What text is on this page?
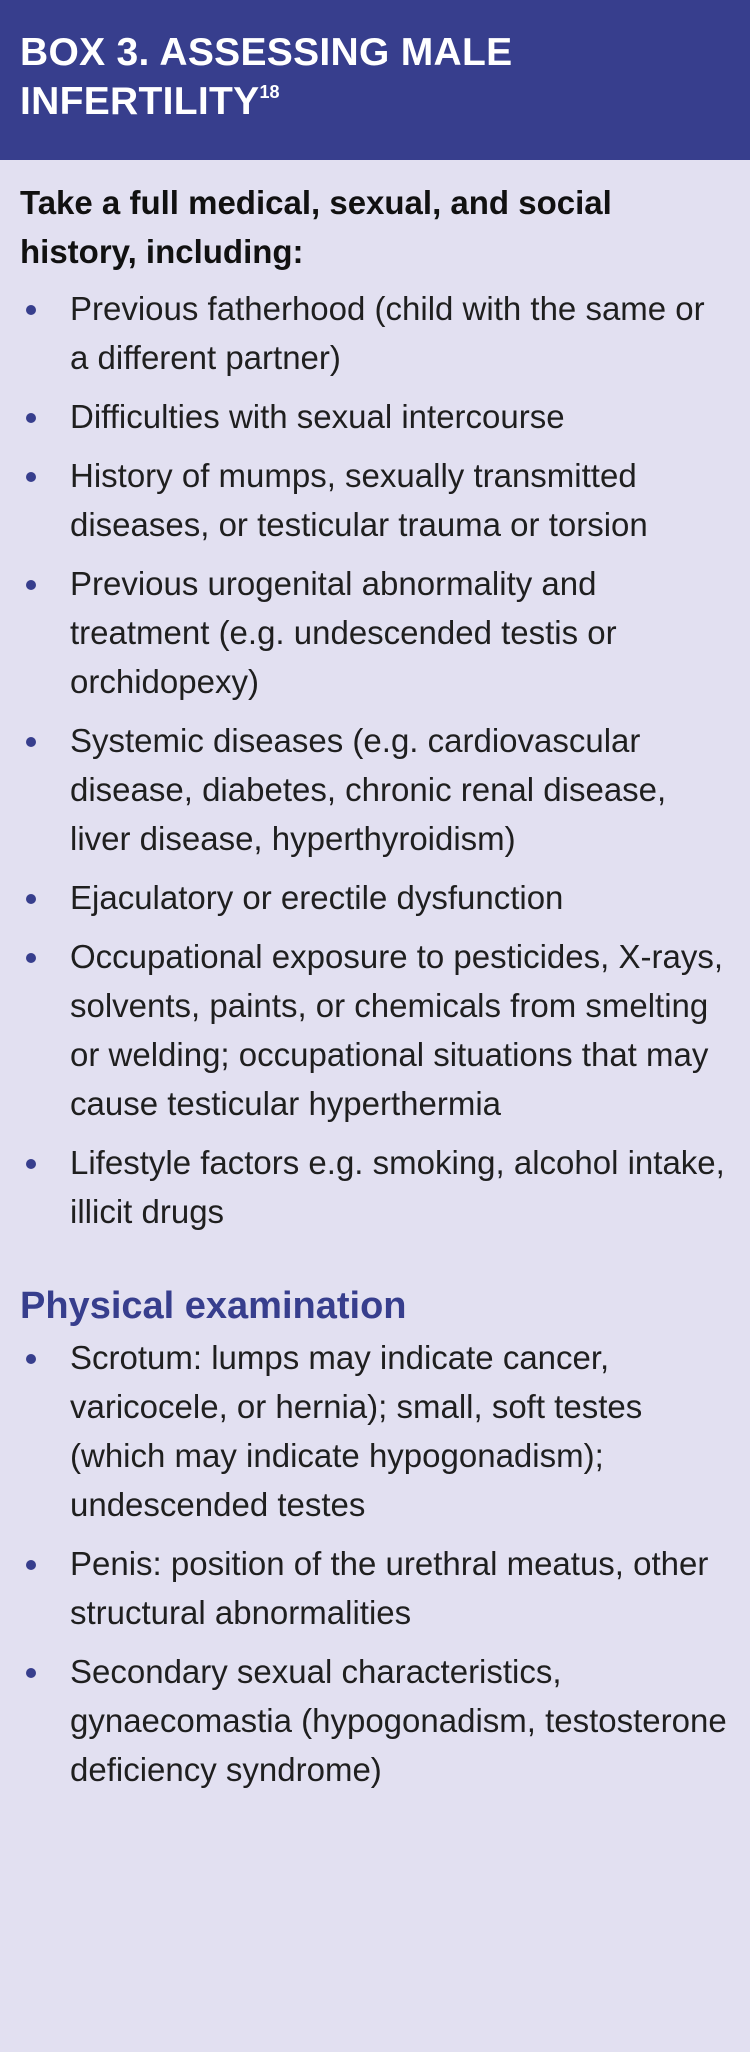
BOX 3. ASSESSING MALE INFERTILITY$^{18}$

Take a full medical, sexual, and social history, including:

Previous fatherhood (child with the same or a different partner)
Difficulties with sexual intercourse
History of mumps, sexually transmitted diseases, or testicular trauma or torsion
Previous urogenital abnormality and treatment (e.g. undescended testis or orchidopexy)
Systemic diseases (e.g. cardiovascular disease, diabetes, chronic renal disease, liver disease, hyperthyroidism)
Ejaculatory or erectile dysfunction
Occupational exposure to pesticides, X-rays, solvents, paints, or chemicals from smelting or welding; occupational situations that may cause testicular hyperthermia
Lifestyle factors e.g. smoking, alcohol intake, illicit drugs
Physical examination
Scrotum: lumps may indicate cancer, varicocele, or hernia); small, soft testes (which may indicate hypogonadism); undescended testes
Penis: position of the urethral meatus, other structural abnormalities
Secondary sexual characteristics, gynaecomastia (hypogonadism, testosterone deficiency syndrome)
